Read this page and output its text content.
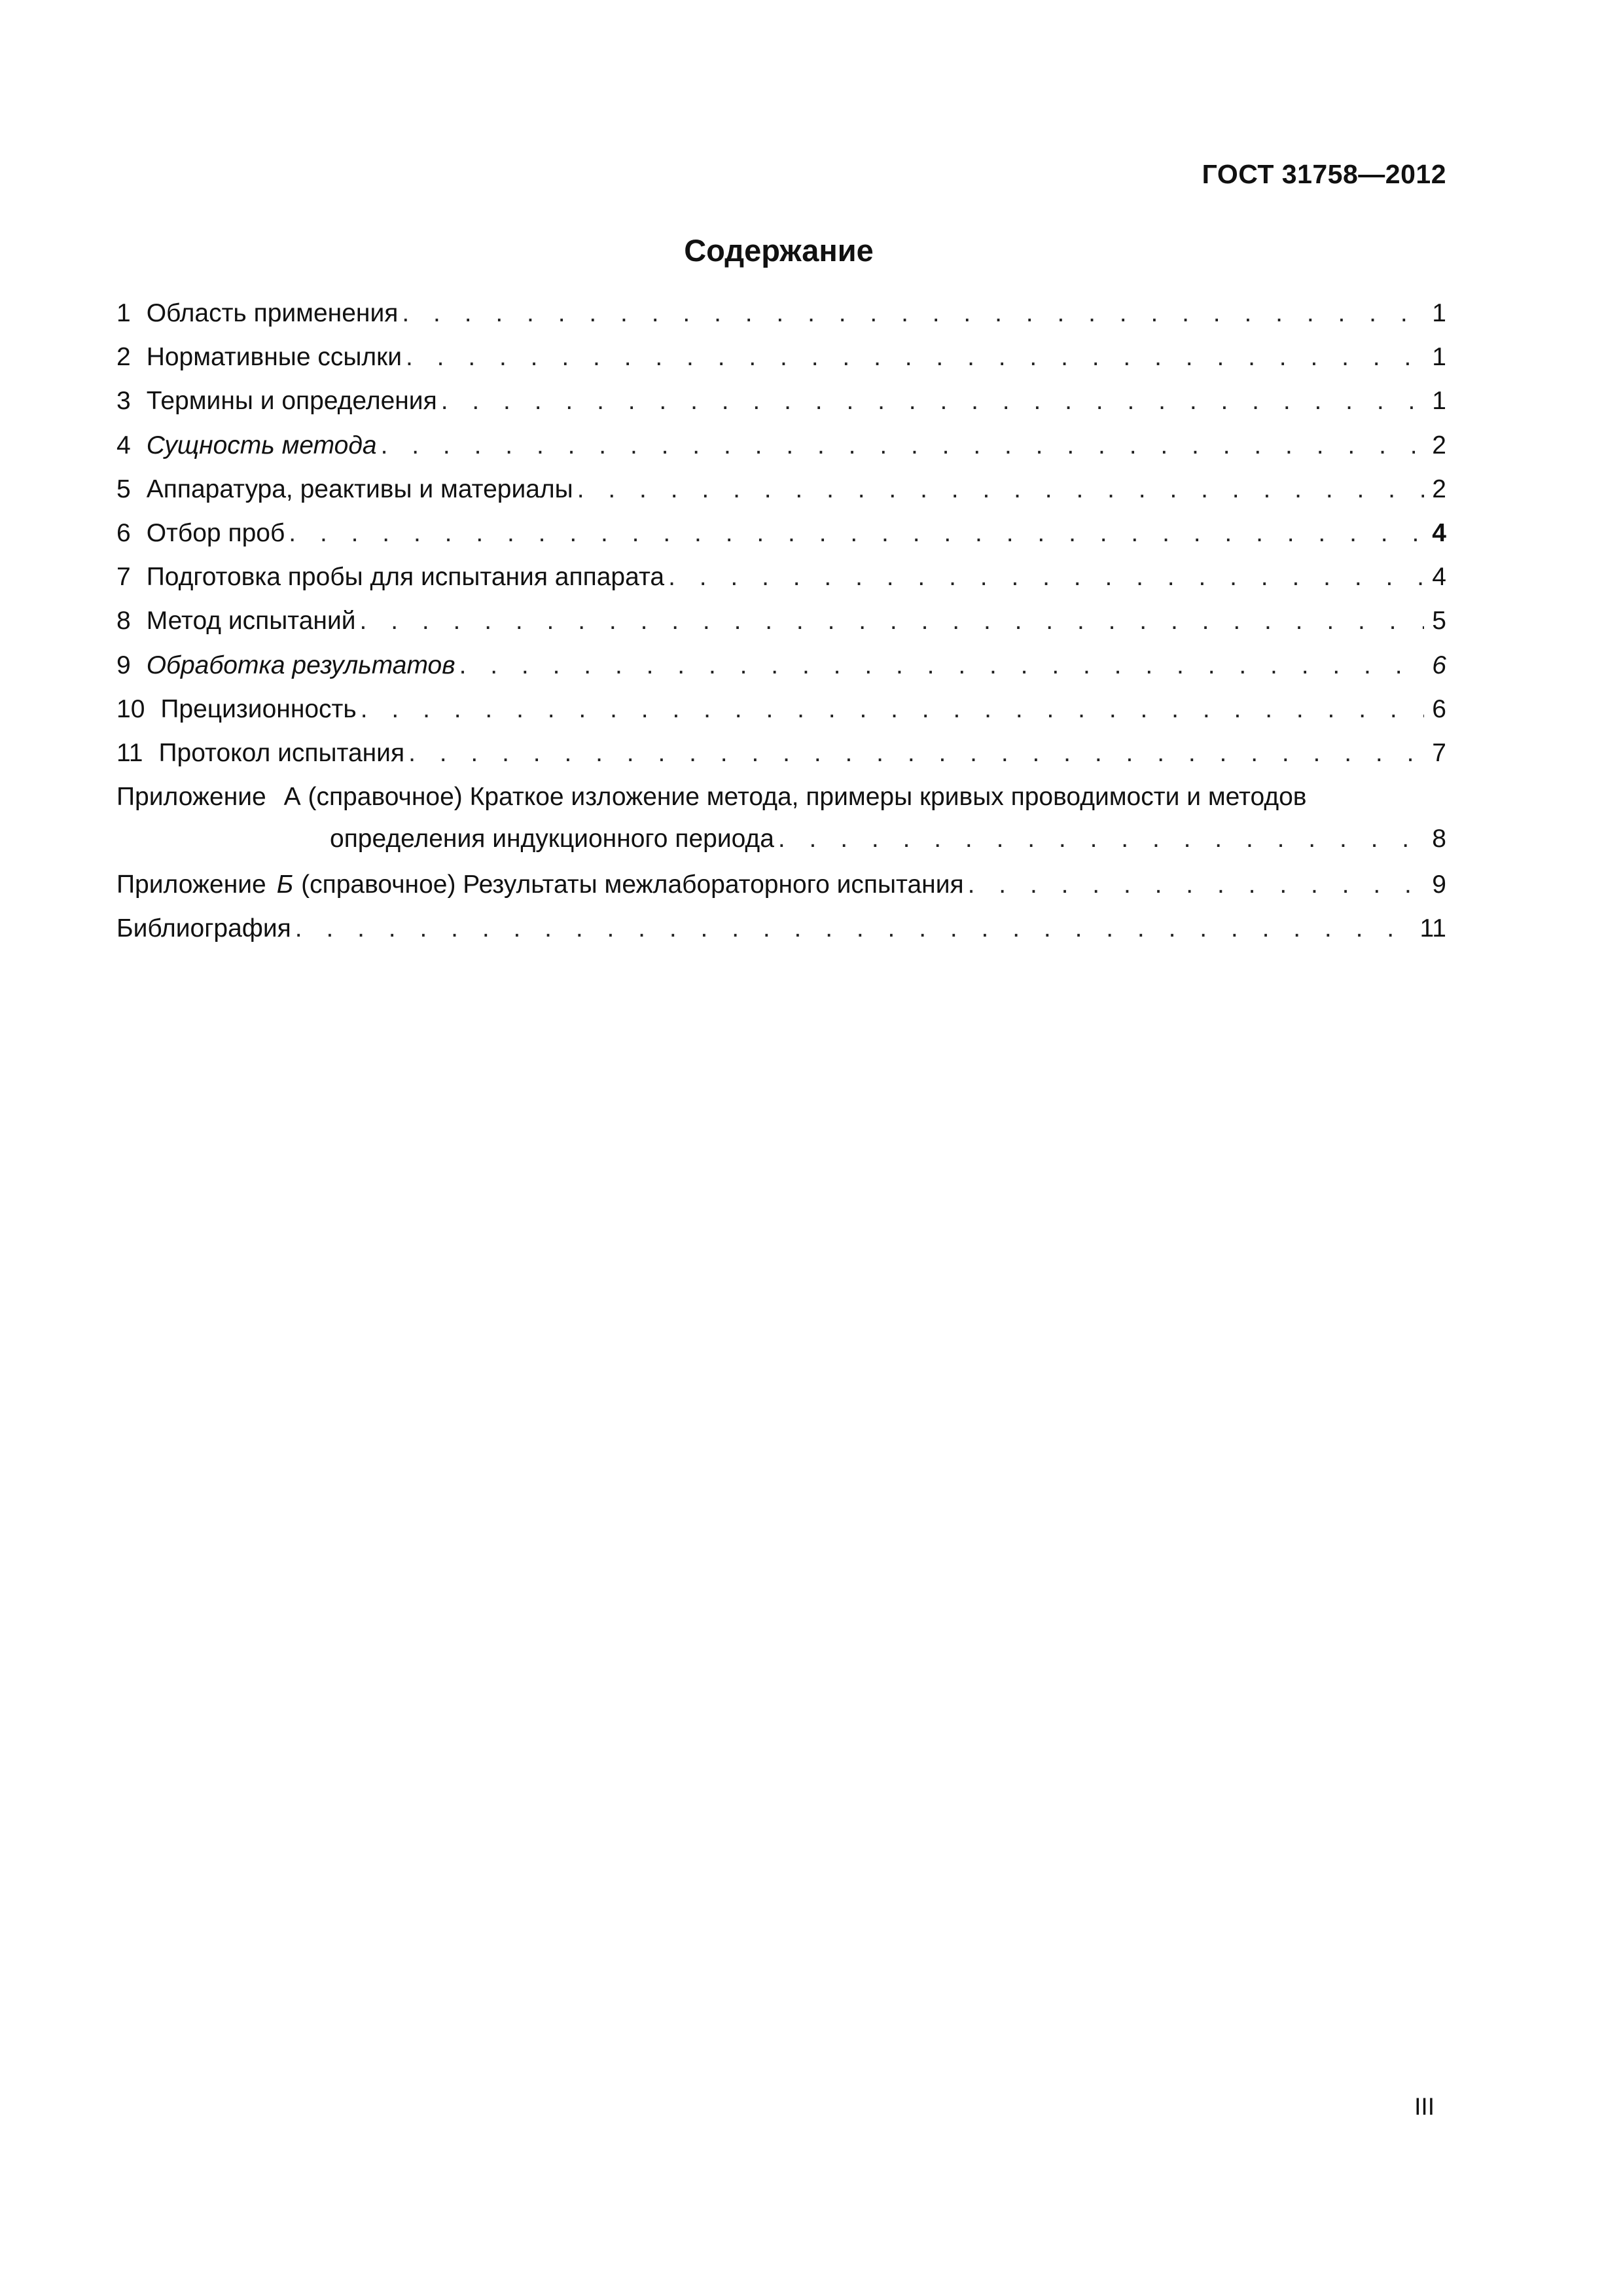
ГОСТ 31758—2012
Содержание
1 Область применения . . .	1
2 Нормативные ссылки . . .	1
3 Термины и определения . . .	1
4 Сущность метода . . .	2
5 Аппаратура, реактивы и материалы . . .	2
6 Отбор проб . . .	4
7 Подготовка пробы для испытания аппарата . . .	4
8 Метод испытаний . . .	5
9 Обработка результатов . . .	6
10 Прецизионность . . .	6
11 Протокол испытания . . .	7
Приложение А (справочное) Краткое изложение метода, примеры кривых проводимости и методов
определения индукционного периода . . .	8
Приложение Б (справочное) Результаты межлабораторного испытания . . .	9
Библиография . . .	11
III
